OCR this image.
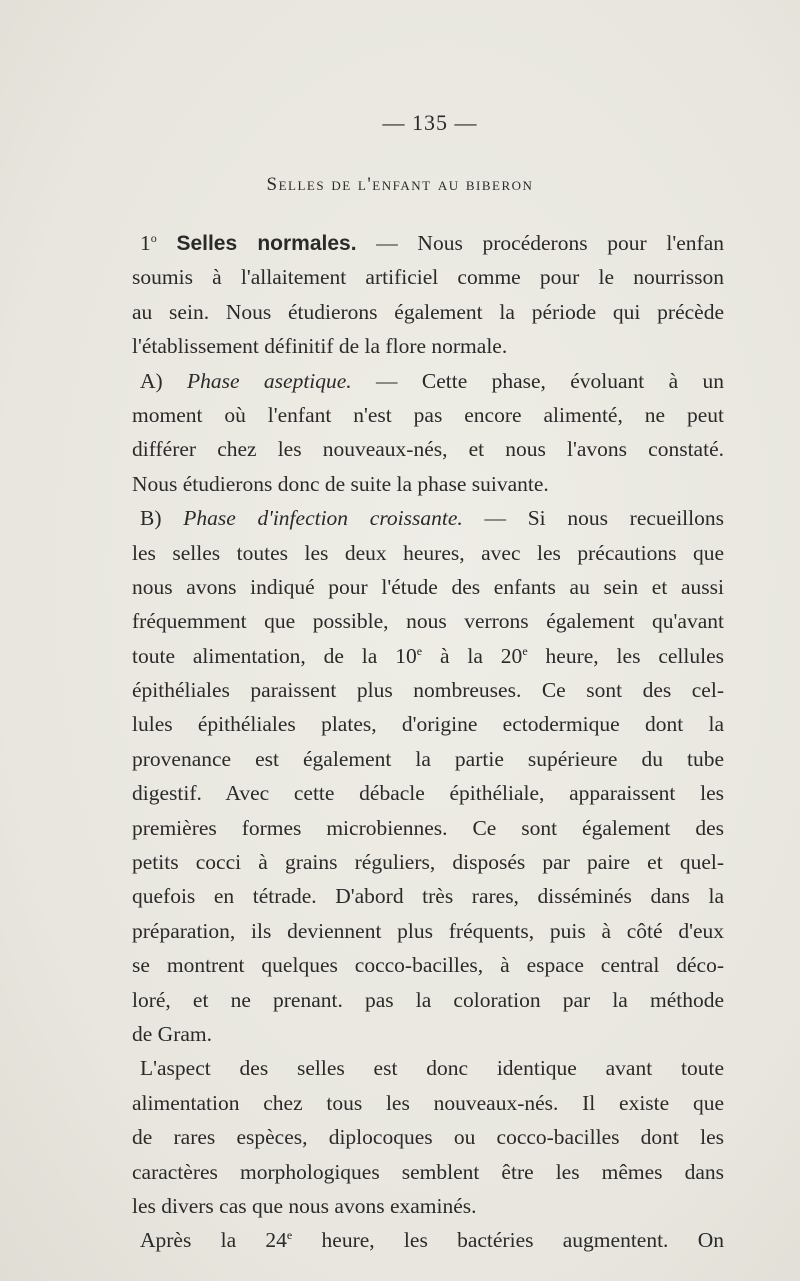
— 135 —
Selles de l'enfant au biberon
1$^o$ Selles normales. — Nous procéderons pour l'enfan
soumis à l'allaitement artificiel comme pour le nourrisson
au sein. Nous étudierons également la période qui précède
l'établissement définitif de la flore normale.
A) Phase aseptique. — Cette phase, évoluant à un
moment où l'enfant n'est pas encore alimenté, ne peut
différer chez les nouveaux-nés, et nous l'avons constaté.
Nous étudierons donc de suite la phase suivante.
B) Phase d'infection croissante. — Si nous recueillons
les selles toutes les deux heures, avec les précautions que
nous avons indiqué pour l'étude des enfants au sein et aussi
fréquemment que possible, nous verrons également qu'avant
toute alimentation, de la 10e à la 20e heure, les cellules
épithéliales paraissent plus nombreuses. Ce sont des cel-
lules épithéliales plates, d'origine ectodermique dont la
provenance est également la partie supérieure du tube
digestif. Avec cette débacle épithéliale, apparaissent les
premières formes microbiennes. Ce sont également des
petits cocci à grains réguliers, disposés par paire et quel-
quefois en tétrade. D'abord très rares, disséminés dans la
préparation, ils deviennent plus fréquents, puis à côté d'eux
se montrent quelques cocco-bacilles, à espace central déco-
loré, et ne prenant. pas la coloration par la méthode
de Gram.
L'aspect des selles est donc identique avant toute
alimentation chez tous les nouveaux-nés. Il existe que
de rares espèces, diplocoques ou cocco-bacilles dont les
caractères morphologiques semblent être les mêmes dans
les divers cas que nous avons examinés.
Après la 24e heure, les bactéries augmentent. On
